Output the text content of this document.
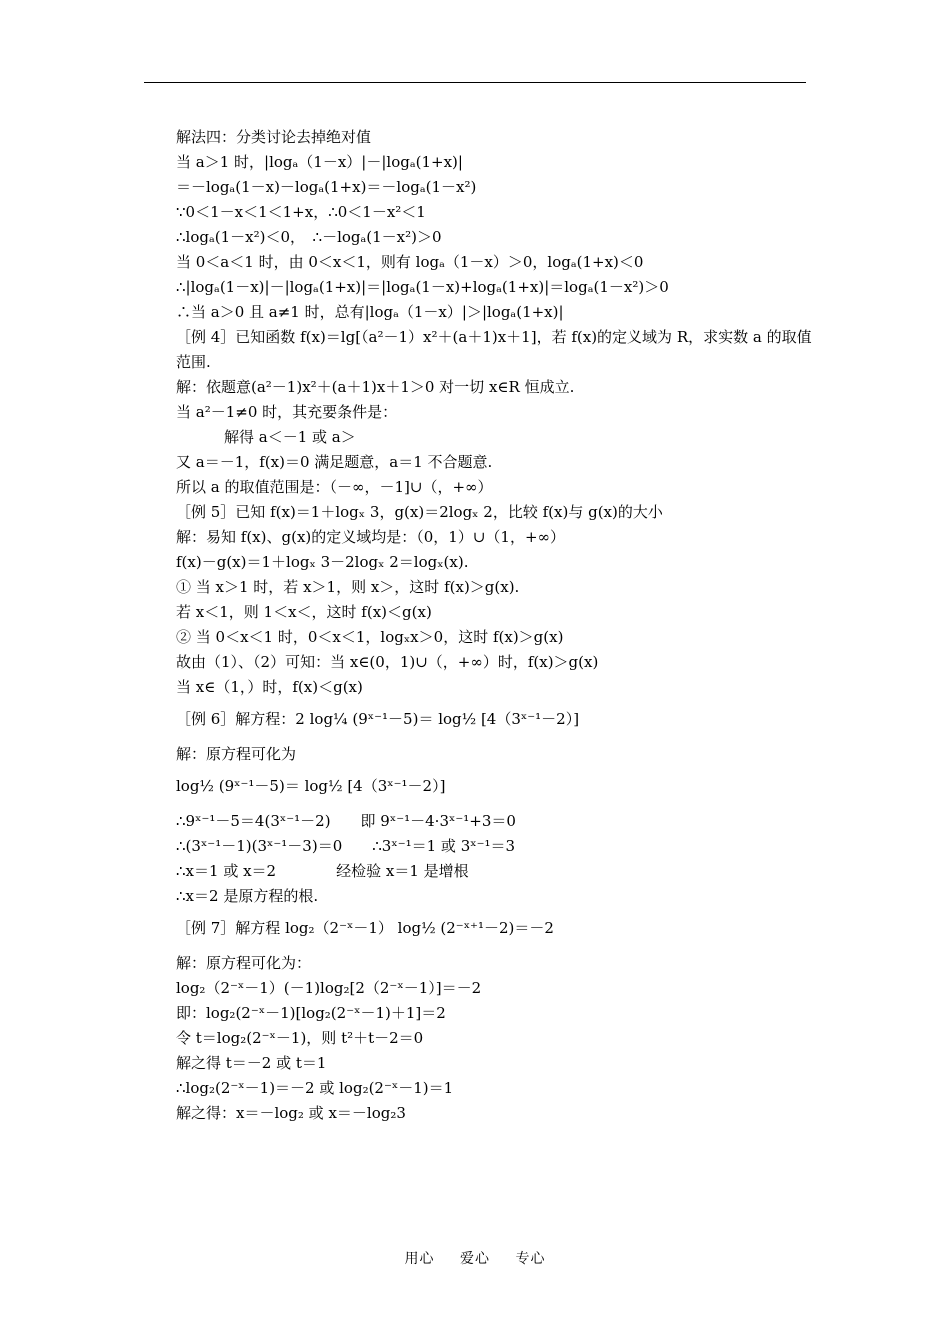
解法四：分类讨论去掉绝对值
当 a＞1 时，|logₐ（1－x）|－|logₐ(1+x)|
＝－logₐ(1－x)－logₐ(1+x)＝－logₐ(1－x²)
∵0＜1－x＜1＜1+x，∴0＜1－x²＜1
∴logₐ(1－x²)＜0，　∴－logₐ(1－x²)＞0
当 0＜a＜1 时，由 0＜x＜1，则有 logₐ（1－x）＞0，logₐ(1+x)＜0
∴|logₐ(1－x)|－|logₐ(1+x)|＝|logₐ(1－x)+logₐ(1+x)|＝logₐ(1－x²)＞0
∴当 a＞0 且 a≠1 时，总有|logₐ（1－x）|＞|logₐ(1+x)|
［例 4］已知函数 f(x)＝lg[（a²－1）x²＋(a＋1)x＋1]，若 f(x)的定义域为 R，求实数 a 的取值范围.
解：依题意(a²－1)x²＋(a＋1)x＋1＞0 对一切 x∈R 恒成立.
当 a²－1≠0 时，其充要条件是：
解得 a＜－1 或 a＞
又 a＝－1，f(x)＝0 满足题意，a＝1 不合题意.
所以 a 的取值范围是：（－∞，－1]∪（，+∞）
［例 5］已知 f(x)＝1＋logₓ 3，g(x)＝2logₓ 2，比较 f(x)与 g(x)的大小
解：易知 f(x)、g(x)的定义域均是：（0，1）∪（1，+∞）
f(x)－g(x)＝1＋logₓ 3－2logₓ 2＝logₓ(x).
① 当 x＞1 时，若 x＞1，则 x＞，这时 f(x)＞g(x).
若 x＜1，则 1＜x＜，这时 f(x)＜g(x)
② 当 0＜x＜1 时，0＜x＜1，logₓx＞0，这时 f(x)＞g(x)
故由（1）、（2）可知：当 x∈(0，1)∪（，+∞）时，f(x)＞g(x)
当 x∈（1，）时，f(x)＜g(x)
［例 6］解方程：2 log¼ (9ˣ⁻¹－5)＝ log½ [4（3ˣ⁻¹－2）]
解：原方程可化为
log½ (9ˣ⁻¹－5)＝ log½ [4（3ˣ⁻¹－2）]
∴9ˣ⁻¹－5＝4(3ˣ⁻¹－2)　　即 9ˣ⁻¹－4·3ˣ⁻¹+3＝0
∴(3ˣ⁻¹－1)(3ˣ⁻¹－3)＝0　　∴3ˣ⁻¹＝1 或 3ˣ⁻¹＝3
∴x＝1 或 x＝2　　　　经检验 x＝1 是增根
∴x＝2 是原方程的根.
［例 7］解方程 log₂（2⁻ˣ－1） log½ (2⁻ˣ⁺¹－2)＝－2
解：原方程可化为：
log₂（2⁻ˣ－1）(－1)log₂[2（2⁻ˣ－1）]＝－2
即：log₂(2⁻ˣ－1)[log₂(2⁻ˣ－1)＋1]＝2
令 t＝log₂(2⁻ˣ－1)，则 t²＋t－2＝0
解之得 t＝－2 或 t＝1
∴log₂(2⁻ˣ－1)＝－2 或 log₂(2⁻ˣ－1)＝1
解之得：x＝－log₂ 或 x＝－log₂3
用心 爱心 专心
